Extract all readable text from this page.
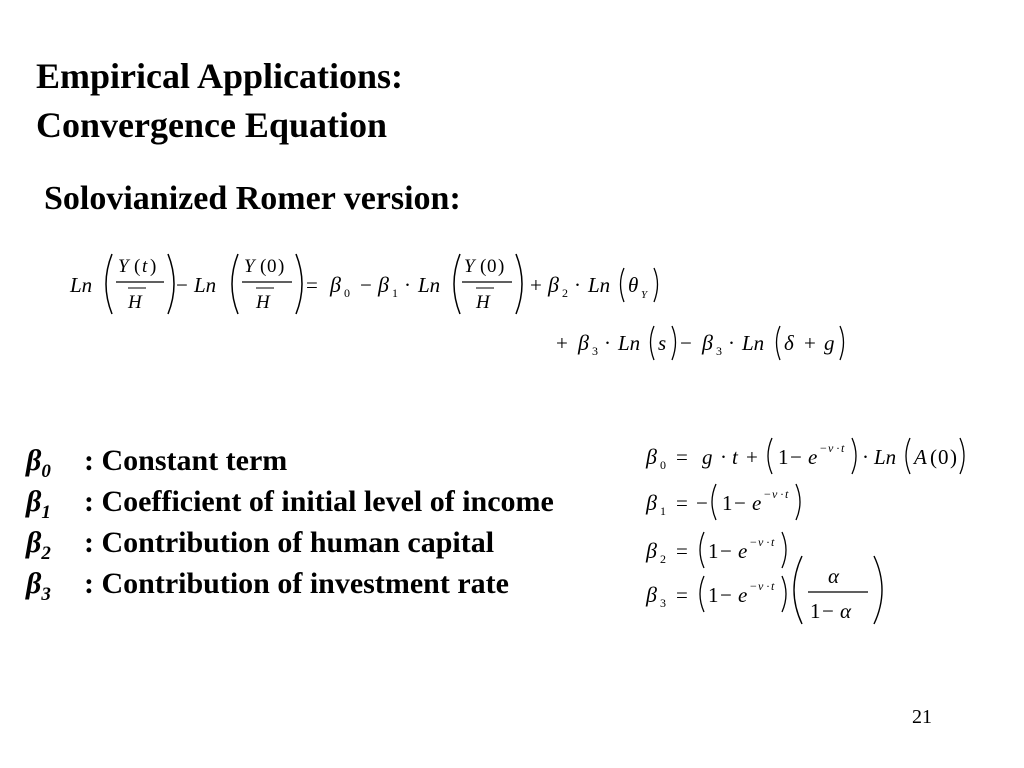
Empirical Applications:
Convergence Equation
Solovianized Romer version:
Ln
Y ( t )
H
− Ln
Y ( 0 )
H
= β 0 − β 1 · Ln
Y ( 0 )
H
+ β 2 · Ln θ Y
+ β 3 · Ln s − β 3 · Ln δ + g
$\beta_0$	: Constant term
$\beta_1$	: Coefficient of initial level of income
$\beta_2$	: Contribution of human capital
$\beta_3$	: Contribution of investment rate
β 0 = g · t + 1 − e − ν · t · Ln A ( 0 )
β 1 = − 1 − e − ν · t
β 2 = 1 − e − ν · t
β 3 = 1 − e − ν · t	α
1 − α
21
